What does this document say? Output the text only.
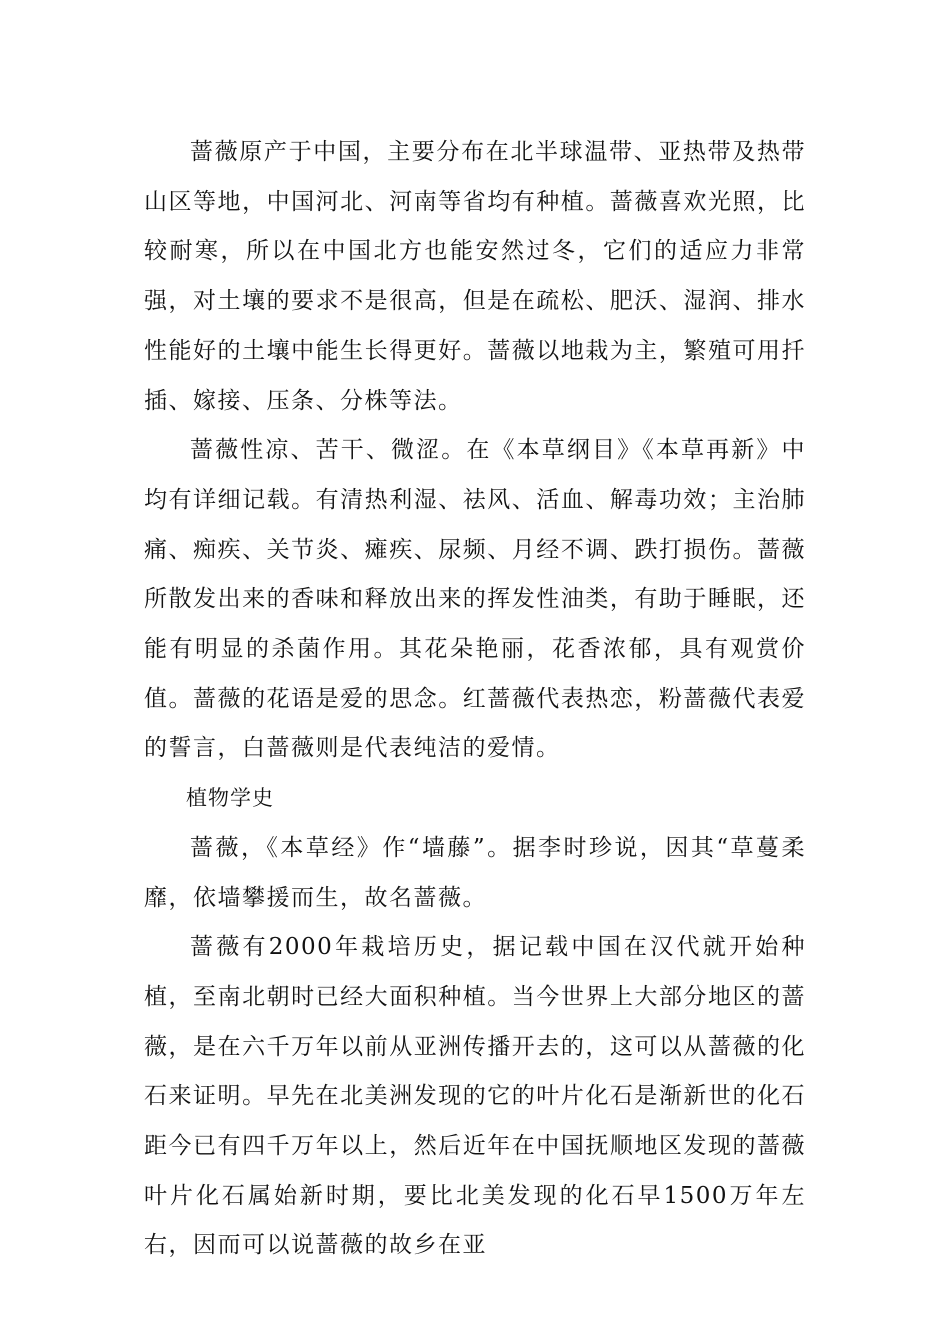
蔷薇原产于中国，主要分布在北半球温带、亚热带及热带山区等地，中国河北、河南等省均有种植。蔷薇喜欢光照，比较耐寒，所以在中国北方也能安然过冬，它们的适应力非常强，对土壤的要求不是很高，但是在疏松、肥沃、湿润、排水性能好的土壤中能生长得更好。蔷薇以地栽为主，繁殖可用扦插、嫁接、压条、分株等法。

蔷薇性凉、苦干、微涩。在《本草纲目》《本草再新》中均有详细记载。有清热利湿、祛风、活血、解毒功效；主治肺痛、痴疾、关节炎、瘫疾、尿频、月经不调、跌打损伤。蔷薇所散发出来的香味和释放出来的挥发性油类，有助于睡眠，还能有明显的杀菌作用。其花朵艳丽，花香浓郁，具有观赏价值。蔷薇的花语是爱的思念。红蔷薇代表热恋，粉蔷薇代表爱的誓言，白蔷薇则是代表纯洁的爱情。

植物学史

蔷薇，《本草经》作“墙藤”。据李时珍说，因其“草蔓柔靡，依墙攀援而生，故名蔷薇。

蔷薇有2000年栽培历史，据记载中国在汉代就开始种植，至南北朝时已经大面积种植。当今世界上大部分地区的蔷薇，是在六千万年以前从亚洲传播开去的，这可以从蔷薇的化石来证明。早先在北美洲发现的它的叶片化石是渐新世的化石距今已有四千万年以上，然后近年在中国抚顺地区发现的蔷薇叶片化石属始新时期，要比北美发现的化石早1500万年左右，因而可以说蔷薇的故乡在亚
